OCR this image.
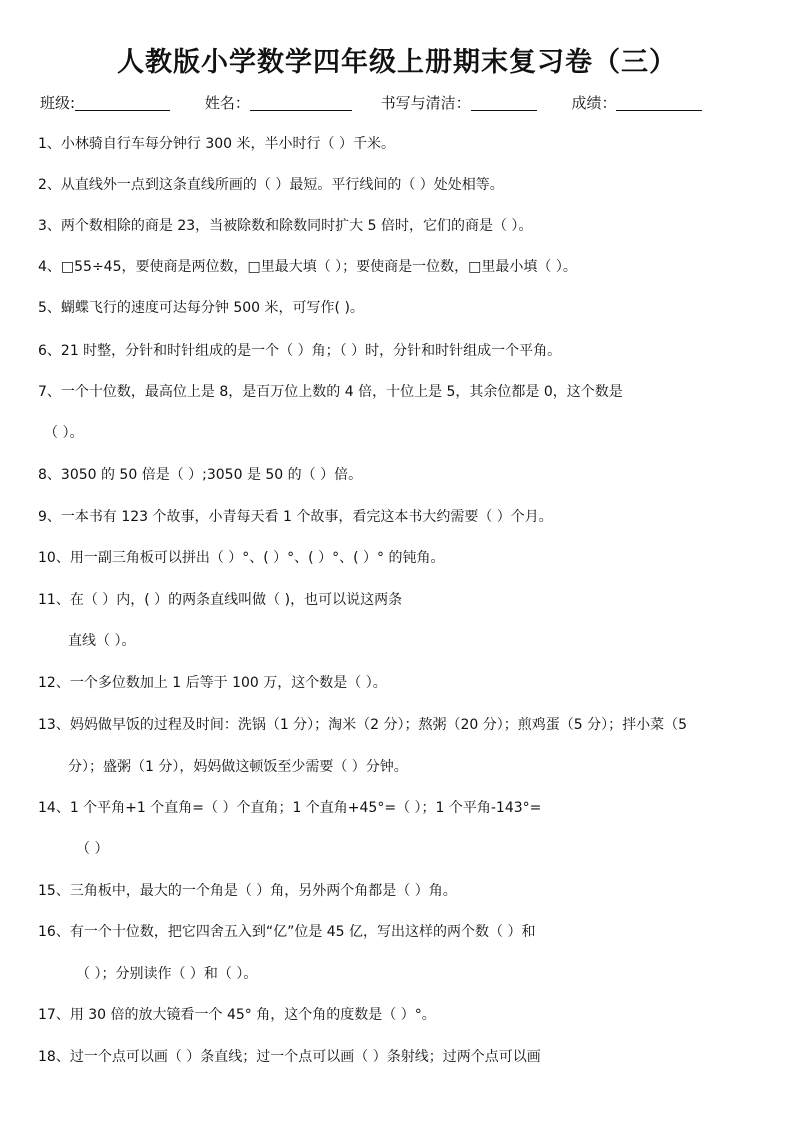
人教版小学数学四年级上册期末复习卷（三）
班级:	姓名：	书写与清洁：	成绩：
1、小林骑自行车每分钟行 300 米，半小时行（ ）千米。
2、从直线外一点到这条直线所画的（ ）最短。平行线间的（ ）处处相等。
3、两个数相除的商是 23，当被除数和除数同时扩大 5 倍时，它们的商是（ ）。
4、□55÷45，要使商是两位数，□里最大填（ ）；要使商是一位数，□里最小填（ ）。
5、蝴蝶飞行的速度可达每分钟 500 米，可写作( )。
6、21 时整，分针和时针组成的是一个（ ）角；（ ）时，分针和时针组成一个平角。
7、一个十位数，最高位上是 8，是百万位上数的 4 倍，十位上是 5，其余位都是 0，这个数是
（ ）。
8、3050 的 50 倍是（ ）;3050 是 50 的（ ）倍。
9、一本书有 123 个故事，小青每天看 1 个故事，看完这本书大约需要（ ）个月。
10、用一副三角板可以拼出（ ）°、( ）°、( ）°、( ）° 的钝角。
11、在（ ）内，( ）的两条直线叫做（ )，也可以说这两条
直线（ ）。
12、一个多位数加上 1 后等于 100 万，这个数是（ ）。
13、妈妈做早饭的过程及时间：洗锅（1 分）；淘米（2 分）；熬粥（20 分）；煎鸡蛋（5 分）；拌小菜（5
分）；盛粥（1 分），妈妈做这顿饭至少需要（ ）分钟。
14、1 个平角+1 个直角=（ ）个直角；1 个直角+45°=（ ）；1 个平角-143°=
（ ）
15、三角板中，最大的一个角是（ ）角，另外两个角都是（ ）角。
16、有一个十位数，把它四舍五入到“亿”位是 45 亿，写出这样的两个数（ ）和
（ ）；分别读作（ ）和（ ）。
17、用 30 倍的放大镜看一个 45° 角，这个角的度数是（ ）°。
18、过一个点可以画（ ）条直线；过一个点可以画（ ）条射线；过两个点可以画
